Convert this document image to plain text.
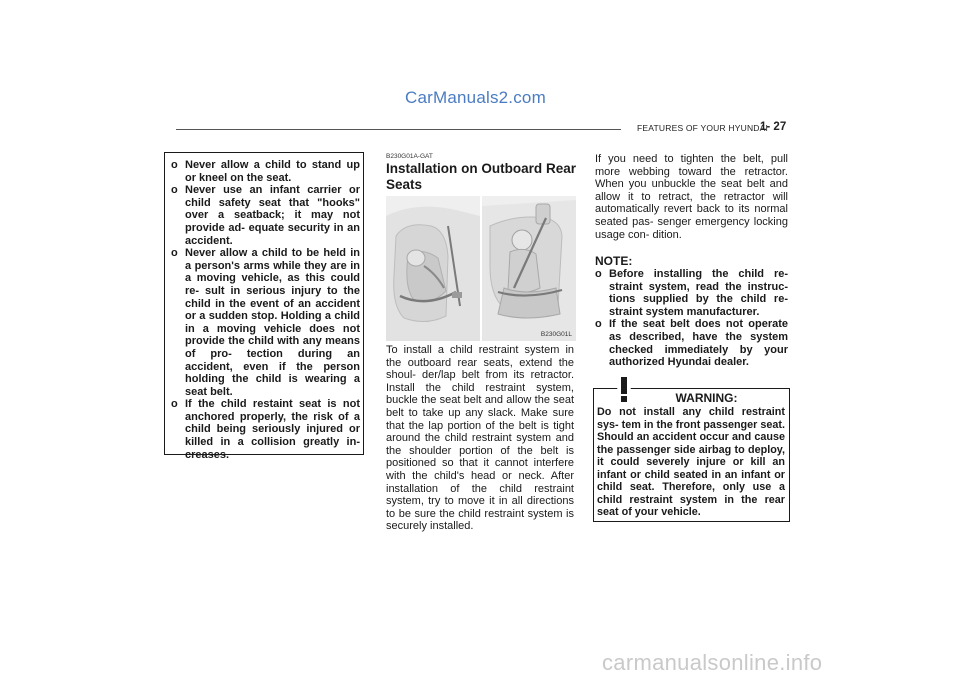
CarManuals2.com
FEATURES OF YOUR HYUNDAI
1- 27
o Never allow a child to stand up or kneel on the seat.
o Never use an infant carrier or child safety seat that "hooks" over a seatback; it may not provide ad- equate security in an accident.
o Never allow a child to be held in a person's arms while they are in a moving vehicle, as this could re- sult in serious injury to the child in the event of an accident or a sudden stop. Holding a child in a moving vehicle does not provide the child with any means of pro- tection during an accident, even if the person holding the child is wearing a seat belt.
o If the child restaint seat is not anchored properly, the risk of a child being seriously injured or killed in a collision greatly in- creases.
B230G01A-GAT
Installation on Outboard Rear Seats
B230G01L
To install a child restraint system in the outboard rear seats, extend the shoul- der/lap belt from its retractor. Install the child restraint system, buckle the seat belt and allow the seat belt to take up any slack. Make sure that the lap portion of the belt is tight around the child restraint system and the shoulder portion of the belt is positioned so that it cannot interfere with the child's head or neck. After installation of the child restraint system, try to move it in all directions to be sure the child restraint system is securely installed.
If you need to tighten the belt, pull more webbing toward the retractor. When you unbuckle the seat belt and allow it to retract, the retractor will automatically revert back to its normal seated pas- senger emergency locking usage con- dition.
NOTE:
o Before installing the child re- straint system, read the instruc- tions supplied by the child re- straint system manufacturer.
o If the seat belt does not operate as described, have the system checked immediately by your authorized Hyundai dealer.
WARNING:
Do not install any child restraint sys- tem in the front passenger seat. Should an accident occur and cause the passenger side airbag to deploy, it could severely injure or kill an infant or child seated in an infant or child seat. Therefore, only use a child restraint system in the rear seat of your vehicle.
carmanualsonline.info
